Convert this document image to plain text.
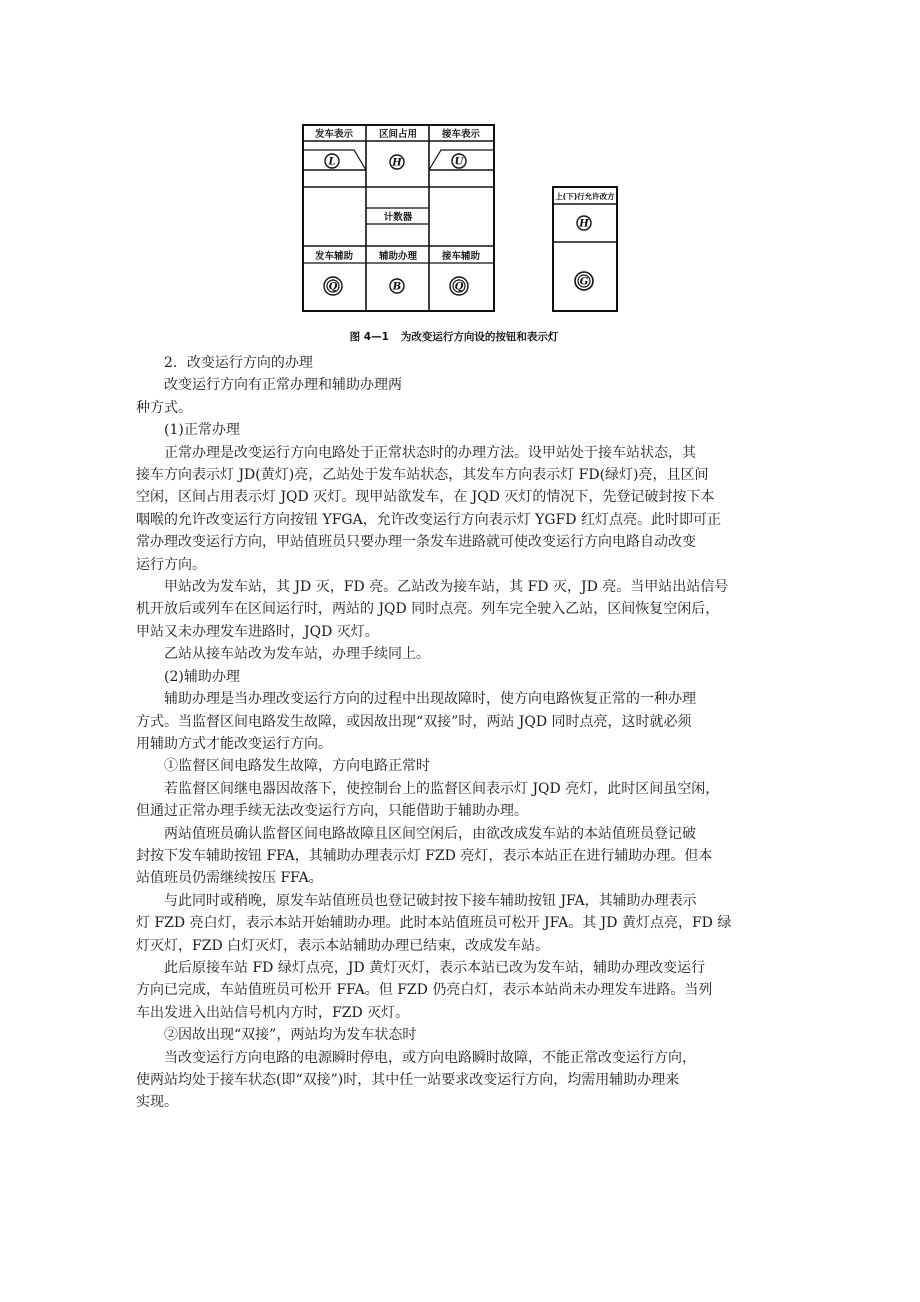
发车表示	区间占用	接车表示
L	H	U
计数器
发车辅助	辅助办理	接车辅助
Q	B	Q
上(下)行允许改方
H
G
图 4—1 为改变运行方向设的按钮和表示灯

2．改变运行方向的办理

改变运行方向有正常办理和辅助办理两

种方式。

(1)正常办理

正常办理是改变运行方向电路处于正常状态时的办理方法。设甲站处于接车站状态，其

接车方向表示灯 JD(黄灯)亮，乙站处于发车站状态，其发车方向表示灯 FD(绿灯)亮，且区间

空闲，区间占用表示灯 JQD 灭灯。现甲站欲发车，在 JQD 灭灯的情况下，先登记破封按下本

咽喉的允许改变运行方向按钮 YFGA，允许改变运行方向表示灯 YGFD 红灯点亮。此时即可正

常办理改变运行方向，甲站值班员只要办理一条发车进路就可使改变运行方向电路自动改变

运行方向。

甲站改为发车站，其 JD 灭，FD 亮。乙站改为接车站，其 FD 灭，JD 亮。当甲站出站信号

机开放后或列车在区间运行时，两站的 JQD 同时点亮。列车完全驶入乙站，区间恢复空闲后，

甲站又未办理发车进路时，JQD 灭灯。

乙站从接车站改为发车站，办理手续同上。

(2)辅助办理

辅助办理是当办理改变运行方向的过程中出现故障时，使方向电路恢复正常的一种办理

方式。当监督区间电路发生故障，或因故出现“双接”时，两站 JQD 同时点亮，这时就必须

用辅助方式才能改变运行方向。

①监督区间电路发生故障，方向电路正常时

若监督区间继电器因故落下，使控制台上的监督区间表示灯 JQD 亮灯，此时区间虽空闲，

但通过正常办理手续无法改变运行方向，只能借助于辅助办理。

两站值班员确认监督区间电路故障且区间空闲后，由欲改成发车站的本站值班员登记破

封按下发车辅助按钮 FFA，其辅助办理表示灯 FZD 亮灯，表示本站正在进行辅助办理。但本

站值班员仍需继续按压 FFA。

与此同时或稍晚，原发车站值班员也登记破封按下接车辅助按钮 JFA，其辅助办理表示

灯 FZD 亮白灯，表示本站开始辅助办理。此时本站值班员可松开 JFA。其 JD 黄灯点亮，FD 绿

灯灭灯，FZD 白灯灭灯，表示本站辅助办理已结束，改成发车站。

此后原接车站 FD 绿灯点亮，JD 黄灯灭灯，表示本站已改为发车站，辅助办理改变运行

方向已完成，车站值班员可松开 FFA。但 FZD 仍亮白灯，表示本站尚未办理发车进路。当列

车出发进入出站信号机内方时，FZD 灭灯。

②因故出现“双接”，两站均为发车状态时

当改变运行方向电路的电源瞬时停电，或方向电路瞬时故障，不能正常改变运行方向，

使两站均处于接车状态(即“双接”)时，其中任一站要求改变运行方向，均需用辅助办理来

实现。
